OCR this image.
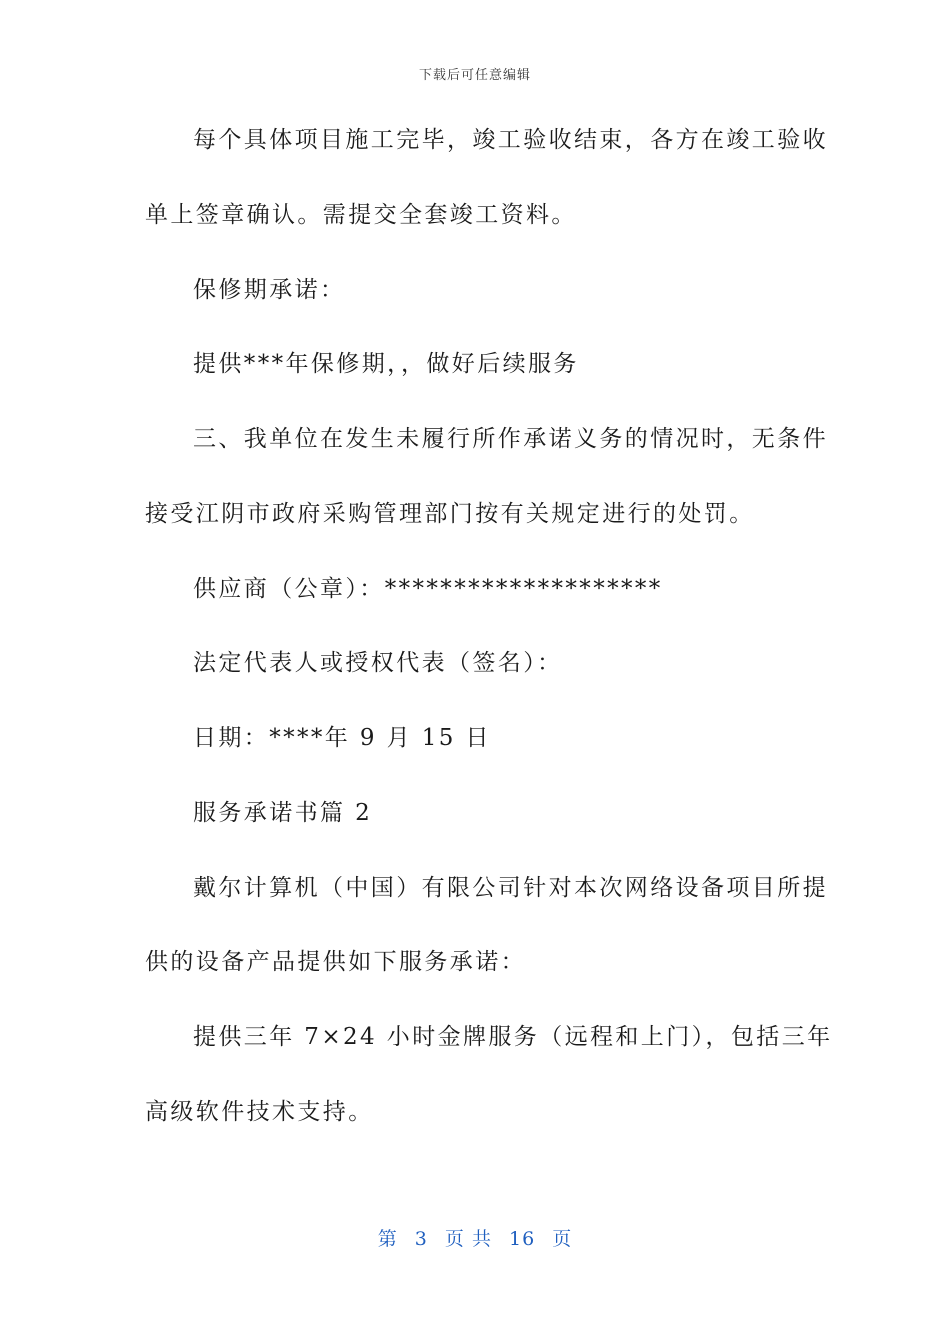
下载后可任意编辑
每个具体项目施工完毕，竣工验收结束，各方在竣工验收
单上签章确认。需提交全套竣工资料。
保修期承诺：
提供***年保修期，，做好后续服务
三、我单位在发生未履行所作承诺义务的情况时，无条件
接受江阴市政府采购管理部门按有关规定进行的处罚。
供应商（公章）：********************
法定代表人或授权代表（签名）：
日期：****年 9 月 15 日
服务承诺书篇 2
戴尔计算机（中国）有限公司针对本次网络设备项目所提
供的设备产品提供如下服务承诺：
提供三年 7×24 小时金牌服务（远程和上门），包括三年
高级软件技术支持。
第 3 页 共 16 页
